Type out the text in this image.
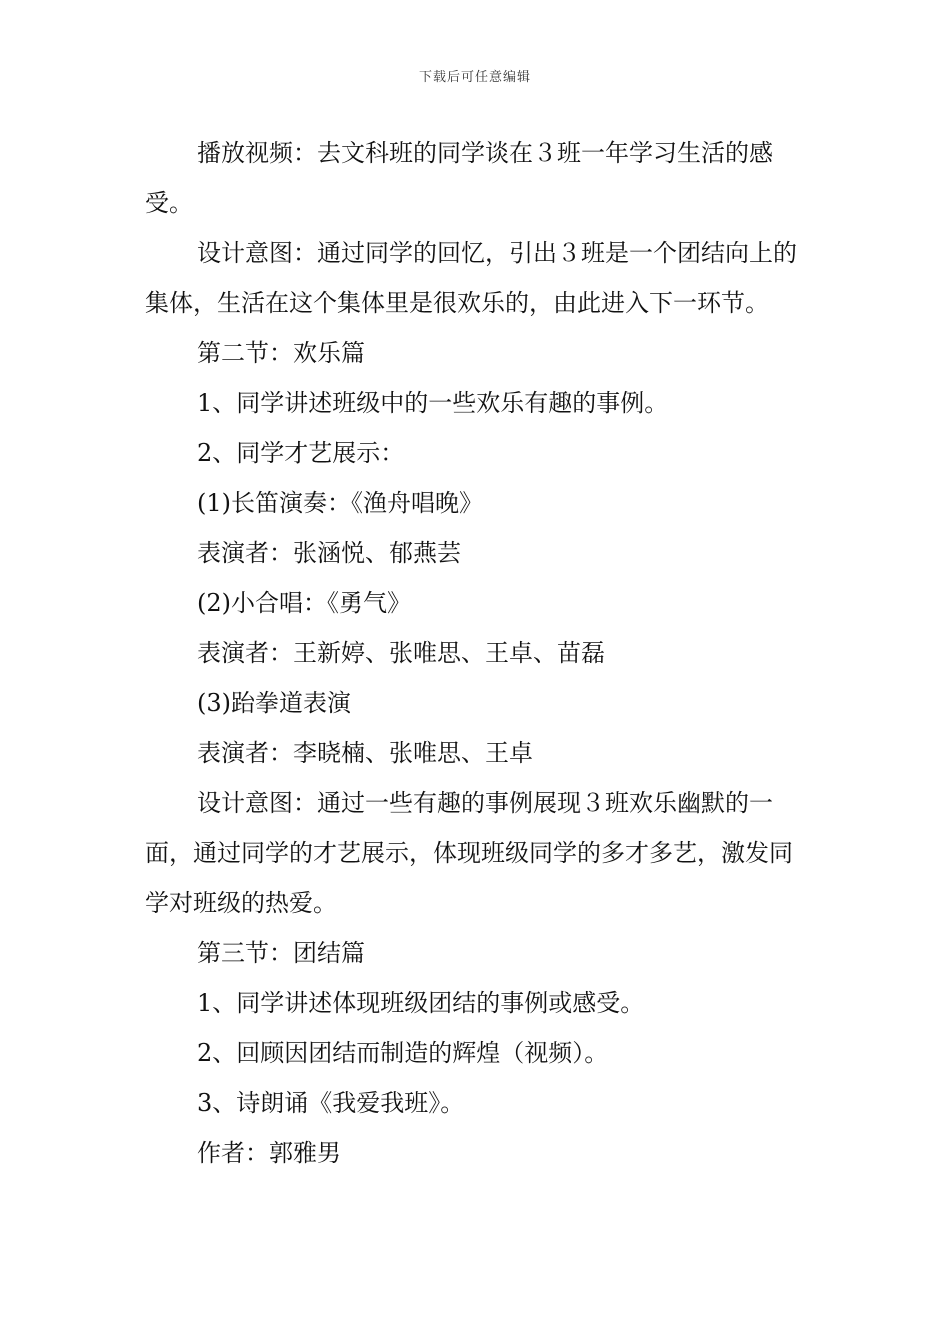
下载后可任意编辑

播放视频：去文科班的同学谈在３班一年学习生活的感受。

设计意图：通过同学的回忆，引出３班是一个团结向上的集体，生活在这个集体里是很欢乐的，由此进入下一环节。

第二节：欢乐篇

1、同学讲述班级中的一些欢乐有趣的事例。

2、同学才艺展示：

(1)长笛演奏：《渔舟唱晚》

表演者：张涵悦、郁燕芸

(2)小合唱：《勇气》

表演者：王新婷、张唯思、王卓、苗磊

(3)跆拳道表演

表演者：李晓楠、张唯思、王卓

设计意图：通过一些有趣的事例展现３班欢乐幽默的一面，通过同学的才艺展示，体现班级同学的多才多艺，激发同学对班级的热爱。

第三节：团结篇

1、同学讲述体现班级团结的事例或感受。

2、回顾因团结而制造的辉煌（视频）。

3、诗朗诵《我爱我班》。

作者：郭雅男
